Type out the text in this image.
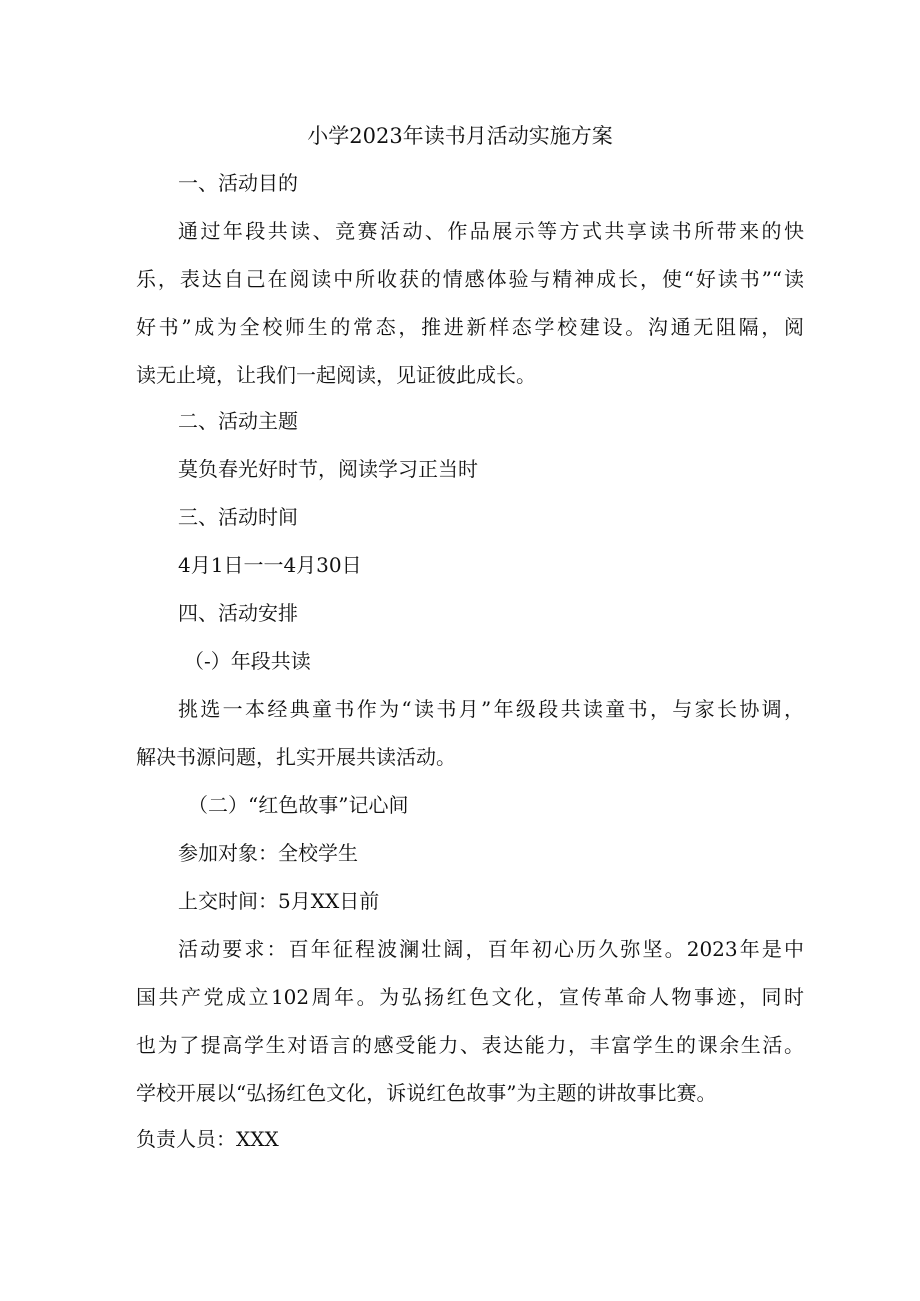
小学2023年读书月活动实施方案
一、活动目的
通过年段共读、竞赛活动、作品展示等方式共享读书所带来的快
乐，表达自己在阅读中所收获的情感体验与精神成长，使“好读书”“读
好书”成为全校师生的常态，推进新样态学校建设。沟通无阻隔，阅
读无止境，让我们一起阅读，见证彼此成长。
二、活动主题
莫负春光好时节，阅读学习正当时
三、活动时间
4月1日一一4月30日
四、活动安排
（-）年段共读
挑选一本经典童书作为“读书月”年级段共读童书，与家长协调，
解决书源问题，扎实开展共读活动。
（二）“红色故事”记心间
参加对象：全校学生
上交时间：5月XX日前
活动要求：百年征程波澜壮阔，百年初心历久弥坚。2023年是中
国共产党成立102周年。为弘扬红色文化，宣传革命人物事迹，同时
也为了提高学生对语言的感受能力、表达能力，丰富学生的课余生活。
学校开展以“弘扬红色文化，诉说红色故事”为主题的讲故事比赛。
负责人员：XXX
